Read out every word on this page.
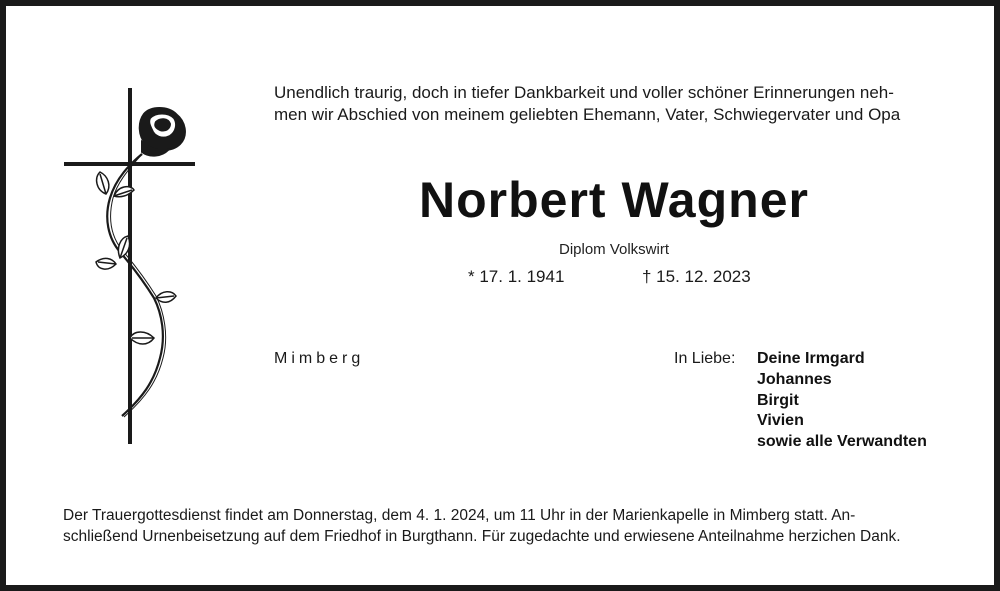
Unendlich traurig, doch in tiefer Dankbarkeit und voller schöner Erinnerungen neh-
men wir Abschied von meinem geliebten Ehemann, Vater, Schwiegervater und Opa
Norbert Wagner
Diplom Volkswirt
* 17. 1. 1941	† 15. 12. 2023
Mimberg	In Liebe: Deine Irmgard
Johannes
Birgit
Vivien
sowie alle Verwandten
Der Trauergottesdienst findet am Donnerstag, dem 4. 1. 2024, um 11 Uhr in der Marienkapelle in Mimberg statt. An-
schließend Urnenbeisetzung auf dem Friedhof in Burgthann. Für zugedachte und erwiesene Anteilnahme herzichen Dank.
